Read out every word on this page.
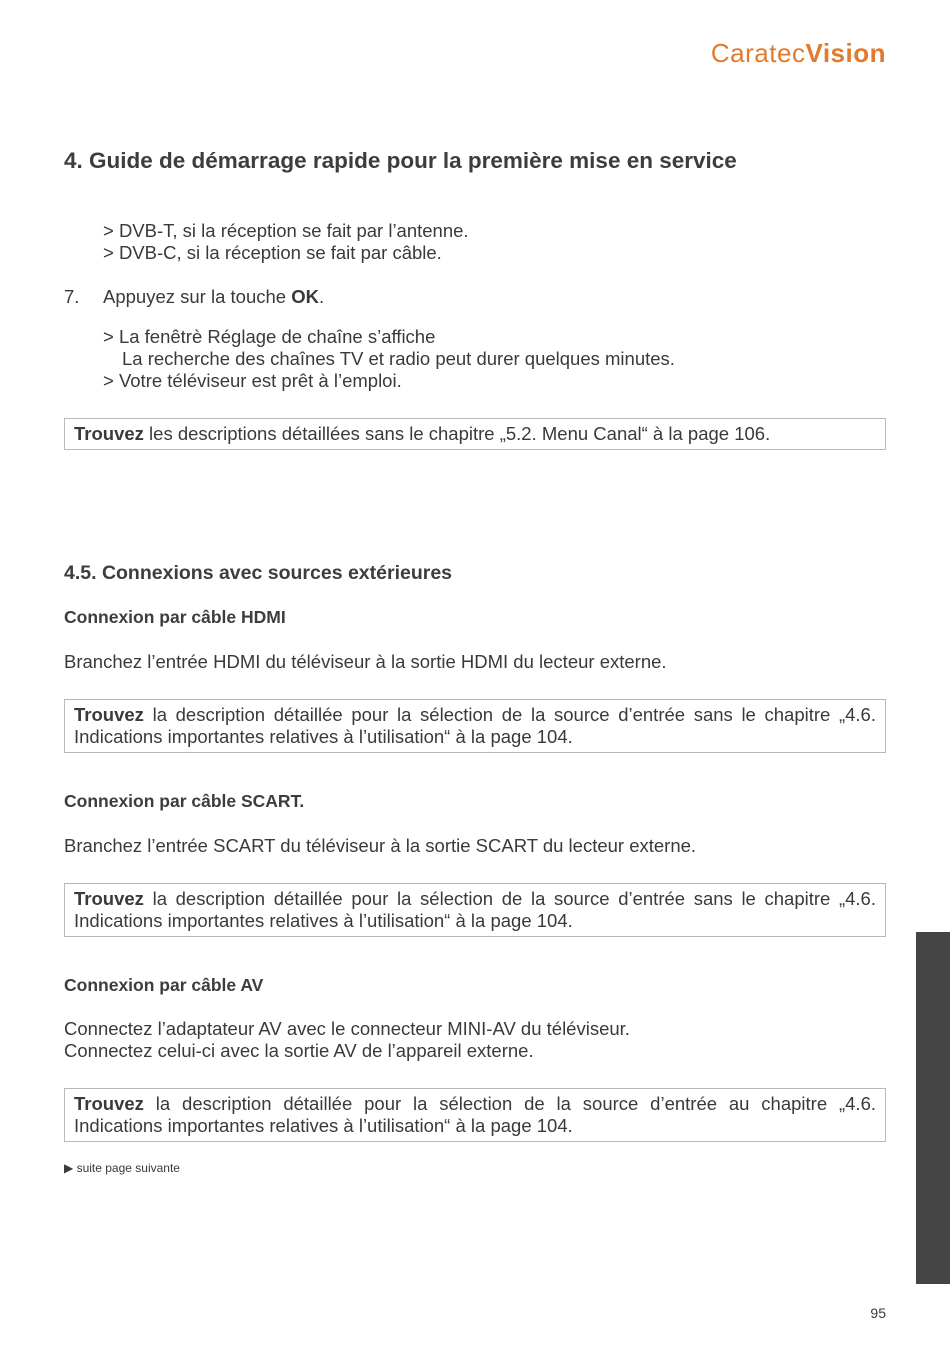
CaratecVision
4. Guide de démarrage rapide pour la première mise en service
> DVB-T, si la réception se fait par l’antenne.
> DVB-C, si la réception se fait par câble.
7. Appuyez sur la touche OK.
> La fenêtrè Réglage de chaîne s’affiche
La recherche des chaînes TV et radio peut durer quelques minutes.
> Votre téléviseur est prêt à l’emploi.
Trouvez les descriptions détaillées sans le chapitre „5.2. Menu Canal“ à la page 106.
4.5. Connexions avec sources extérieures
Connexion par câble HDMI
Branchez l’entrée HDMI du téléviseur à la sortie HDMI du lecteur externe.
Trouvez la description détaillée pour la sélection de la source d’entrée sans le chapitre „4.6. Indications importantes relatives à l’utilisation“ à la page 104.
Connexion par câble SCART.
Branchez l’entrée SCART du téléviseur à la sortie SCART du lecteur externe.
Trouvez la description détaillée pour la sélection de la source d’entrée sans le chapitre „4.6. Indications importantes relatives à l’utilisation“ à la page 104.
Connexion par câble AV
Connectez l’adaptateur AV avec le connecteur MINI-AV du téléviseur.
Connectez celui-ci avec la sortie AV de l’appareil externe.
Trouvez la description détaillée pour la sélection de la source d’entrée au chapitre „4.6. Indications importantes relatives à l’utilisation“ à la page 104.
▶ suite page suivante
Français
95
